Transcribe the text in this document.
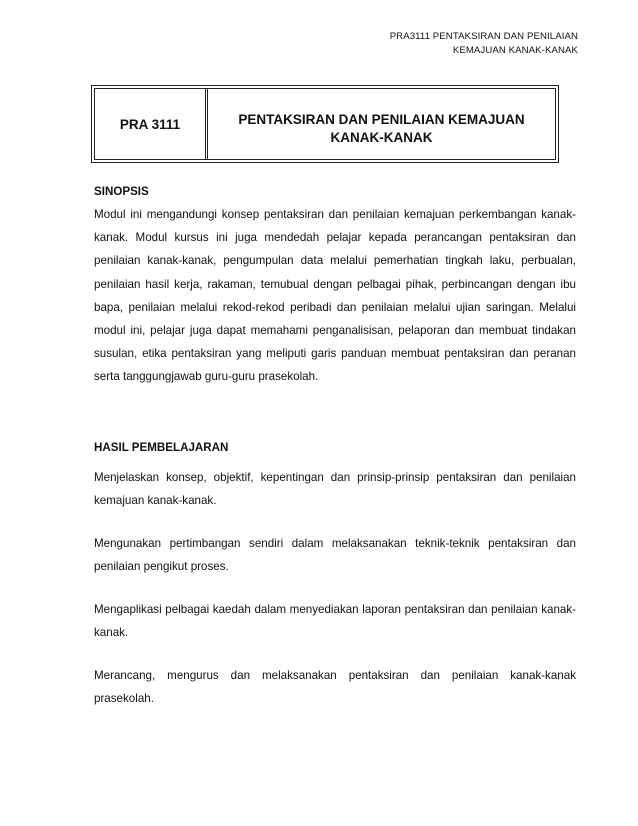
PRA3111 PENTAKSIRAN DAN PENILAIAN
KEMAJUAN KANAK-KANAK
PRA 3111	PENTAKSIRAN DAN PENILAIAN KEMAJUAN KANAK-KANAK
SINOPSIS

Modul ini mengandungi konsep pentaksiran dan penilaian kemajuan perkembangan kanak-kanak. Modul kursus ini juga mendedah pelajar kepada perancangan pentaksiran dan penilaian kanak-kanak, pengumpulan data melalui pemerhatian tingkah laku, perbualan, penilaian hasil kerja, rakaman, temubual dengan pelbagai pihak, perbincangan dengan ibu bapa, penilaian melalui rekod-rekod peribadi dan penilaian melalui ujian saringan. Melalui modul ini, pelajar juga dapat memahami penganalisisan, pelaporan dan membuat tindakan susulan, etika pentaksiran yang meliputi garis panduan membuat pentaksiran dan peranan serta tanggungjawab guru-guru prasekolah.

HASIL PEMBELAJARAN

Menjelaskan konsep, objektif, kepentingan dan prinsip-prinsip pentaksiran dan penilaian kemajuan kanak-kanak.

Mengunakan pertimbangan sendiri dalam melaksanakan teknik-teknik pentaksiran dan penilaian pengikut proses.

Mengaplikasi pelbagai kaedah dalam menyediakan laporan pentaksiran dan penilaian kanak-kanak.

Merancang, mengurus dan melaksanakan pentaksiran dan penilaian kanak-kanak prasekolah.
